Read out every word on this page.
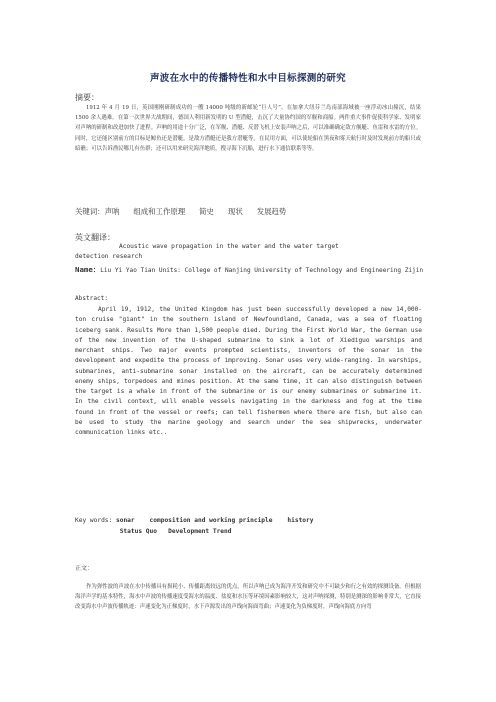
声波在水中的传播特性和水中目标探测的研究
摘要：

1912 年 4 月 19 日，英国刚刚研制成功的一艘 14000 吨级的新邮轮“巨人号”，在加拿大纽芬兰岛南部海域被一座浮动冰山撞沉，结果 1500 余人遇难。在第一次世界大战期间，德国人利用新发明的 U 型潜艇，击沉了大量协约国的军舰和商船。两件重大事件促使科学家、发明家对声呐的研制和改进加快了进程。声呐的用途十分广泛，在军舰、潜艇、反潜飞机上安装声呐之后，可以准确确定敌方舰艇、鱼雷和水雷的方位。同时，它还能区别前方的目标是鲸鱼还是潜艇，是敌方潜艇还是我方潜艇等。在民用方面，可以使轮船在黑夜和雾天航行时及时发现前方的船只或暗礁；可以告诉渔民哪儿有鱼群；还可以用来研究海洋地质，搜寻海下沉船，进行水下通信联系等等。

关键词：声呐 组成和工作原理 简史 现状 发展趋势
英文翻译：
Acoustic wave propagation in the water and the water target
detection research
Name：Liu Yi Yao Tian Units: College of Nanjing University of Technology and Engineering Zijin
Abstract:
April 19, 1912, the United Kingdom has just been successfully developed a new 14,000-ton cruise "giant" in the southern island of Newfoundland, Canada, was a sea of floating iceberg sank. Results More than 1,500 people died. During the First World War, the German use of the new invention of the U-shaped submarine to sink a lot of Xiediguo warships and merchant ships. Two major events prompted scientists, inventors of the sonar in the development and expedite the process of improving. Sonar uses very wide-ranging. In warships, submarines, anti-submarine sonar installed on the aircraft, can be accurately determined enemy ships, torpedoes and mines position. At the same time, it can also distinguish between the target is a whale in front of the submarine or is our enemy submarines or submarine it. In the civil context, will enable vessels navigating in the darkness and fog at the time found in front of the vessel or reefs; can tell fishermen where there are fish, but also can be used to study the marine geology and search under the sea shipwrecks, underwater communication links etc..
Key words: sonar composition and working principle history
Status Quo Development Trend
正文：

作为弹性波的声波在水中传播具有损耗小、传播距离较远的优点，所以声呐已成为海洋开发和研究中不可缺少和行之有效的探测设备。但根据海洋声学的基本特性，海水中声波的传播速度受海水的温度、盐度和水压等环境因素影响较大，这对声呐探测，特别是测深的影响非常大，它直接改变海水中声波传播轨迹：声速变化为正梯度时，水下声源发出的声线向海面弯曲；声速变化为负梯度时，声线向海底方向弯
